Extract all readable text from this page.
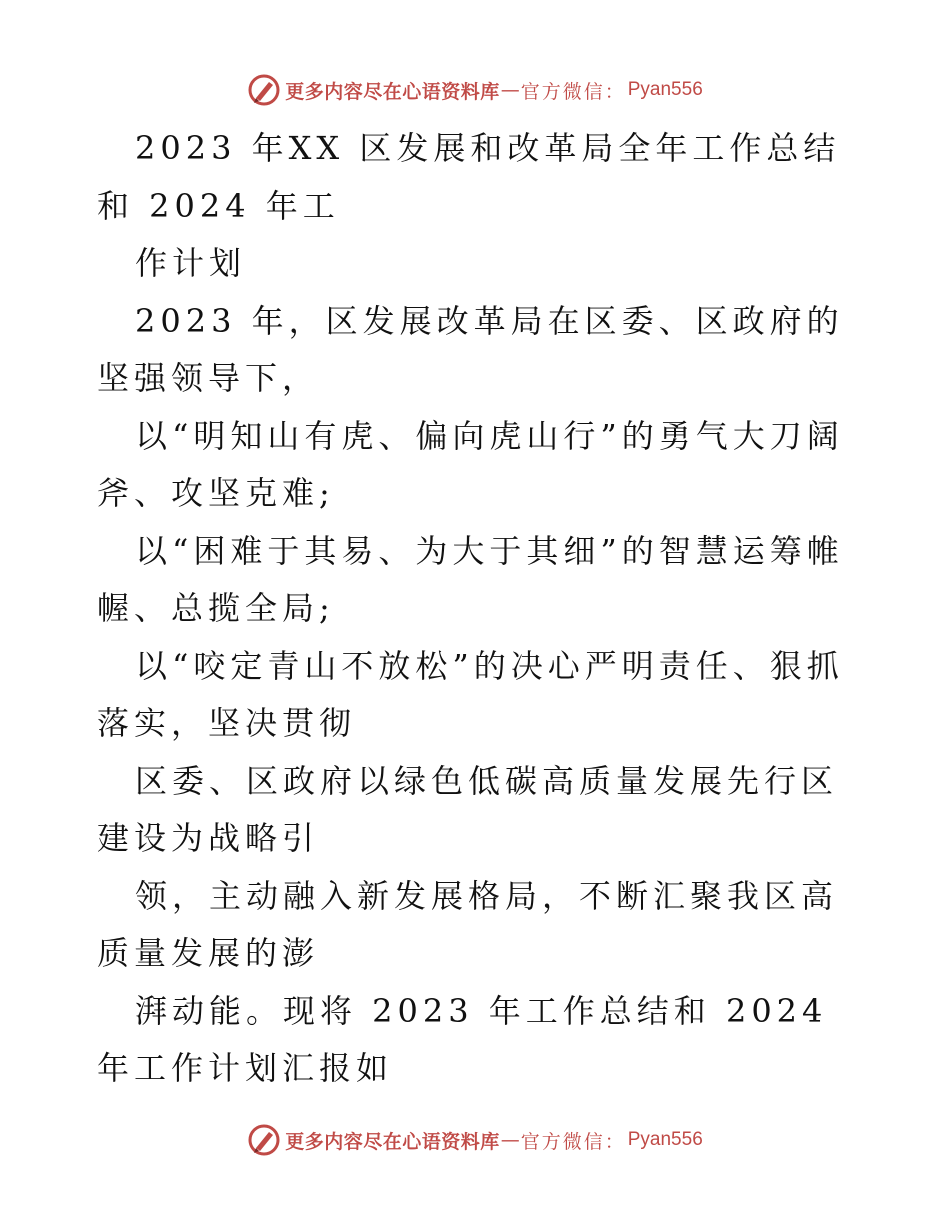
更多内容尽在心语资料库 — 官方微信： Pyan556

2023 年XX 区发展和改革局全年工作总结和 2024 年工

作计划

2023 年，区发展改革局在区委、区政府的坚强领导下，

以“明知山有虎、偏向虎山行”的勇气大刀阔斧、攻坚克难;

以“困难于其易、为大于其细”的智慧运筹帷幄、总揽全局;

以“咬定青山不放松”的决心严明责任、狠抓落实，坚决贯彻

区委、区政府以绿色低碳高质量发展先行区建设为战略引

领，主动融入新发展格局，不断汇聚我区高质量发展的澎

湃动能。现将 2023 年工作总结和 2024 年工作计划汇报如

更多内容尽在心语资料库 — 官方微信： Pyan556
